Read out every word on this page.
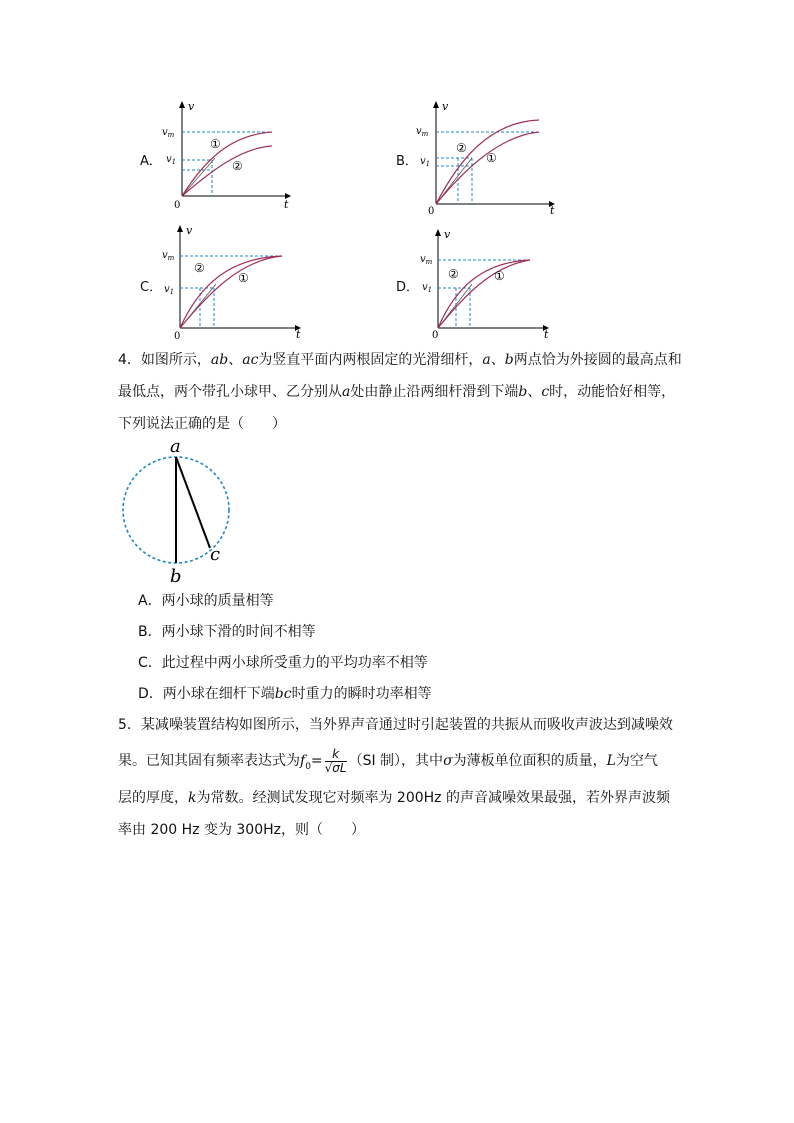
A．
$v_m$
$v_1$
v
t
0
①
②	B．
$v_m$
$v_1$
v
t
0
②
①
C．
$v_m$
$v_1$
v
t
0
②
①
D．
$v_m$
$v_1$
v
t
0
②	①
4．如图所示，ab、ac为竖直平面内两根固定的光滑细杆，a、b两点恰为外接圆的最高点和
最低点，两个带孔小球甲、乙分别从a处由静止沿两细杆滑到下端b、c时，动能恰好相等，
下列说法正确的是（　　）
a
b
c
A．两小球的质量相等
B．两小球下滑的时间不相等
C．此过程中两小球所受重力的平均功率不相等
D．两小球在细杆下端bc时重力的瞬时功率相等
5．某减噪装置结构如图所示，当外界声音通过时引起装置的共振从而吸收声波达到减噪效
果。已知其固有频率表达式为$f_0= \frac{k}{√\sigma L} (SI$ 制），其中σ为薄板单位面积的质量，L为空气
层的厚度，k为常数。经测试发现它对频率为 200Hz 的声音减噪效果最强，若外界声波频
率由 200 Hz 变为 300Hz，则（　　）
